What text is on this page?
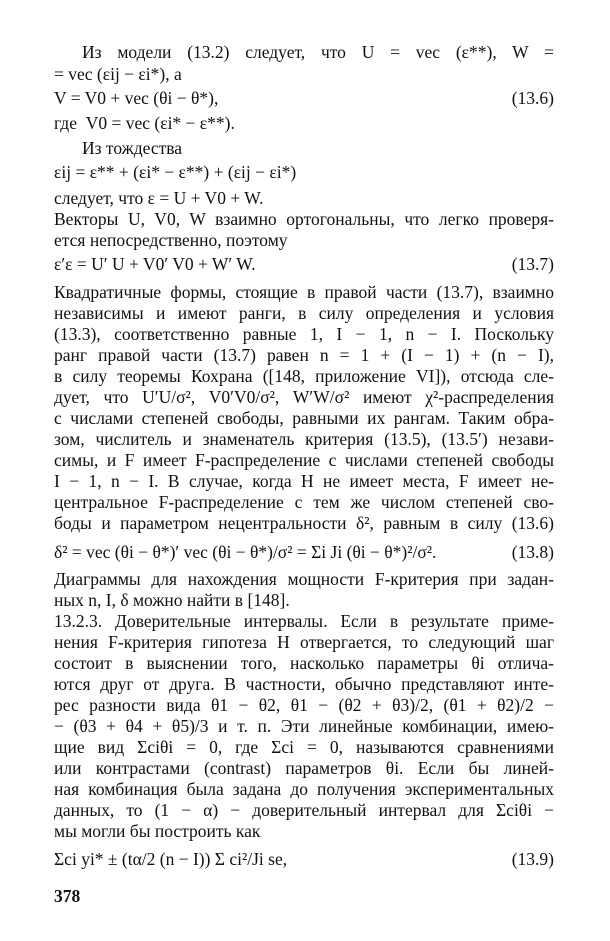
Из модели (13.2) следует, что U = vec (ε**), W =
= vec (εij − εi*), а
V = V0 + vec (θi − θ*),	(13.6)
где  V0 = vec (εi* − ε**).
Из тождества
εij = ε** + (εi* − ε**) + (εij − εi*)
следует, что ε = U + V0 + W.
Векторы U, V0, W взаимно ортогональны, что легко проверя-
ется непосредственно, поэтому
ε′ε = U′ U + V0′ V0 + W′ W.	(13.7)
Квадратичные формы, стоящие в правой части (13.7), взаимно
независимы и имеют ранги, в силу определения и условия
(13.3), соответственно равные 1, I − 1, n − I. Поскольку
ранг правой части (13.7) равен n = 1 + (I − 1) + (n − I),
в силу теоремы Кохрана ([148, приложение VI]), отсюда сле-
дует, что U′U/σ², V0′V0/σ², W′W/σ² имеют χ²-распределения
с числами степеней свободы, равными их рангам. Таким обра-
зом, числитель и знаменатель критерия (13.5), (13.5′) незави-
симы, и F имеет F-распределение с числами степеней свободы
I − 1, n − I. В случае, когда H не имеет места, F имеет не-
центральное F-распределение с тем же числом степеней сво-
боды и параметром нецентральности δ², равным в силу (13.6)
δ² = vec (θi − θ*)′ vec (θi − θ*)/σ² = Σi Ji (θi − θ*)²/σ².	(13.8)
Диаграммы для нахождения мощности F-критерия при задан-
ных n, I, δ можно найти в [148].
13.2.3. Доверительные интервалы. Если в результате приме-
нения F-критерия гипотеза H отвергается, то следующий шаг
состоит в выяснении того, насколько параметры θi отлича-
ются друг от друга. В частности, обычно представляют инте-
рес разности вида θ1 − θ2, θ1 − (θ2 + θ3)/2, (θ1 + θ2)/2 −
− (θ3 + θ4 + θ5)/3 и т. п. Эти линейные комбинации, имею-
щие вид Σciθi = 0, где Σci = 0, называются сравнениями
или контрастами (contrast) параметров θi. Если бы линей-
ная комбинация была задана до получения экспериментальных
данных, то (1 − α) − доверительный интервал для Σciθi −
мы могли бы построить как
Σci yi* ± (tα/2 (n − I)) Σ ci²/Ji se,	(13.9)
378
